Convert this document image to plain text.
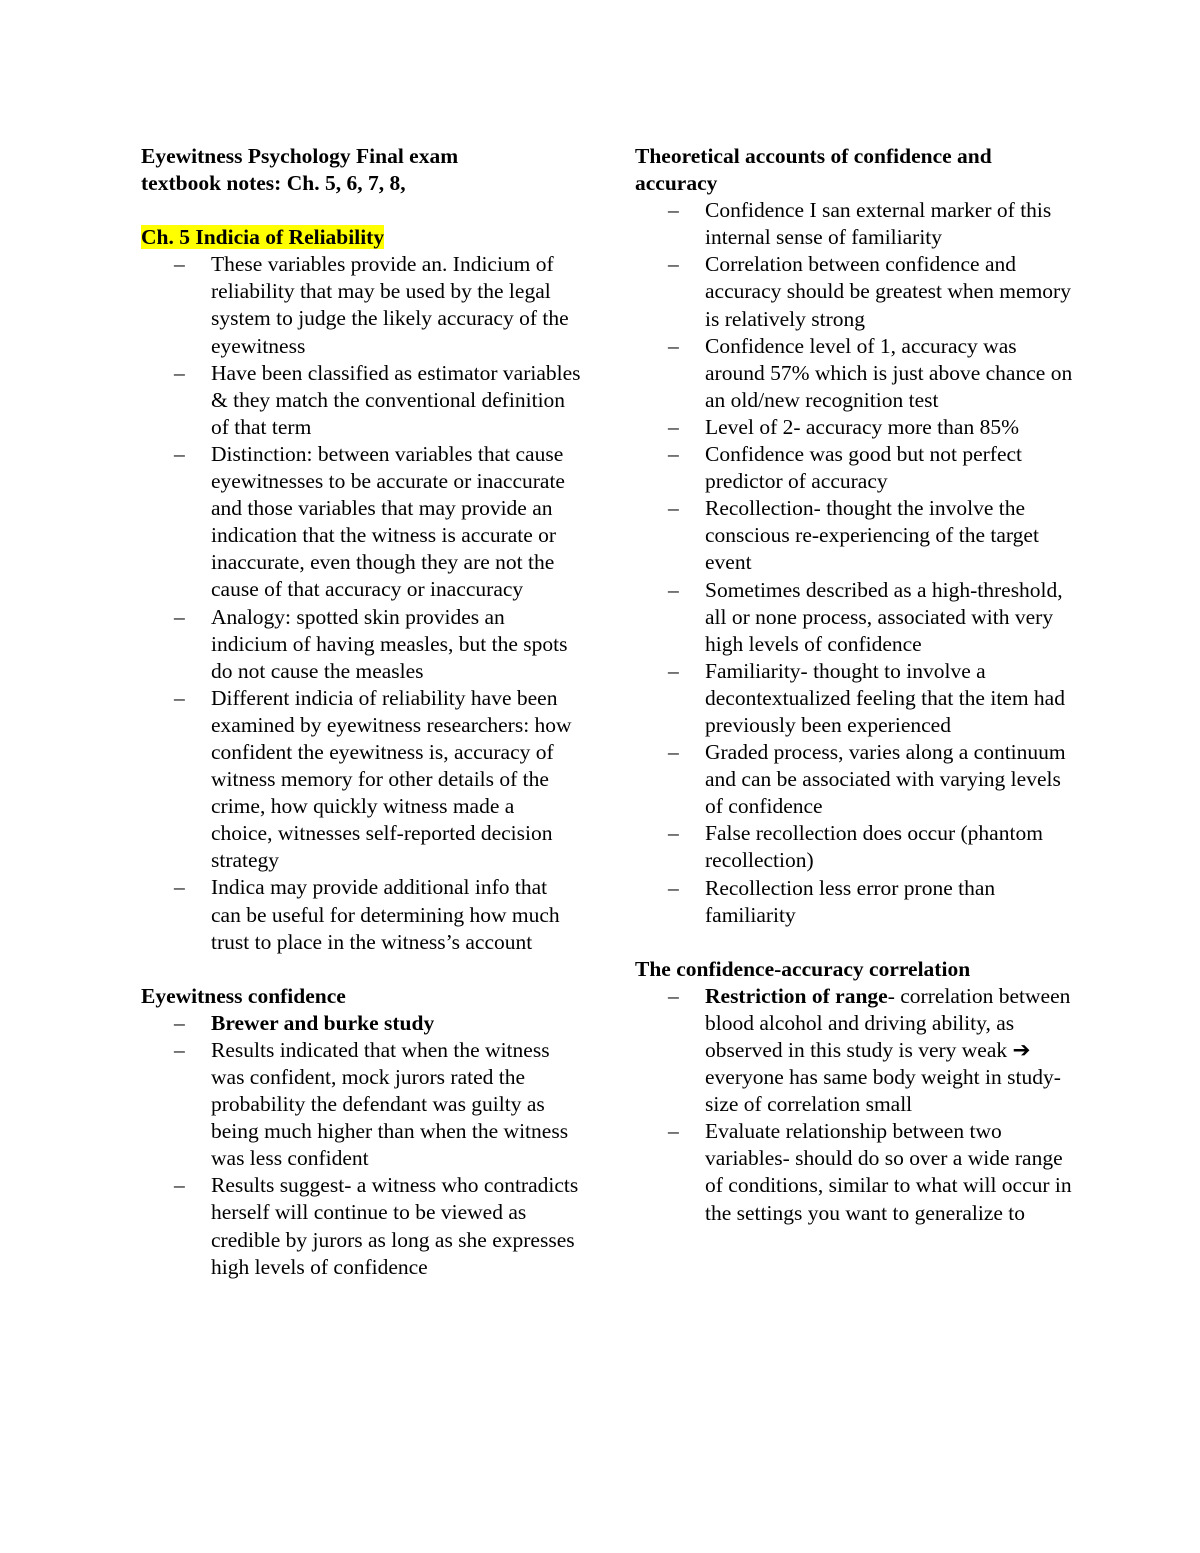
Eyewitness Psychology Final exam
textbook notes: Ch. 5, 6, 7, 8,

Ch. 5 Indicia of Reliability

– These variables provide an. Indicium of reliability that may be used by the legal system to judge the likely accuracy of the eyewitness
– Have been classified as estimator variables & they match the conventional definition of that term
– Distinction: between variables that cause eyewitnesses to be accurate or inaccurate and those variables that may provide an indication that the witness is accurate or inaccurate, even though they are not the cause of that accuracy or inaccuracy
– Analogy: spotted skin provides an indicium of having measles, but the spots do not cause the measles
– Different indicia of reliability have been examined by eyewitness researchers: how confident the eyewitness is, accuracy of witness memory for other details of the crime, how quickly witness made a choice, witnesses self-reported decision strategy
– Indica may provide additional info that can be useful for determining how much trust to place in the witness’s account

Eyewitness confidence

– Brewer and burke study
– Results indicated that when the witness was confident, mock jurors rated the probability the defendant was guilty as being much higher than when the witness was less confident
– Results suggest- a witness who contradicts herself will continue to be viewed as credible by jurors as long as she expresses high levels of confidence

Theoretical accounts of confidence and accuracy

– Confidence I san external marker of this internal sense of familiarity
– Correlation between confidence and accuracy should be greatest when memory is relatively strong
– Confidence level of 1, accuracy was around 57% which is just above chance on an old/new recognition test
– Level of 2- accuracy more than 85%
– Confidence was good but not perfect predictor of accuracy
– Recollection- thought the involve the conscious re-experiencing of the target event
– Sometimes described as a high-threshold, all or none process, associated with very high levels of confidence
– Familiarity- thought to involve a decontextualized feeling that the item had previously been experienced
– Graded process, varies along a continuum and can be associated with varying levels of confidence
– False recollection does occur (phantom recollection)
– Recollection less error prone than familiarity

The confidence-accuracy correlation

– Restriction of range- correlation between blood alcohol and driving ability, as observed in this study is very weak ➔ everyone has same body weight in study- size of correlation small
– Evaluate relationship between two variables- should do so over a wide range of conditions, similar to what will occur in the settings you want to generalize to
